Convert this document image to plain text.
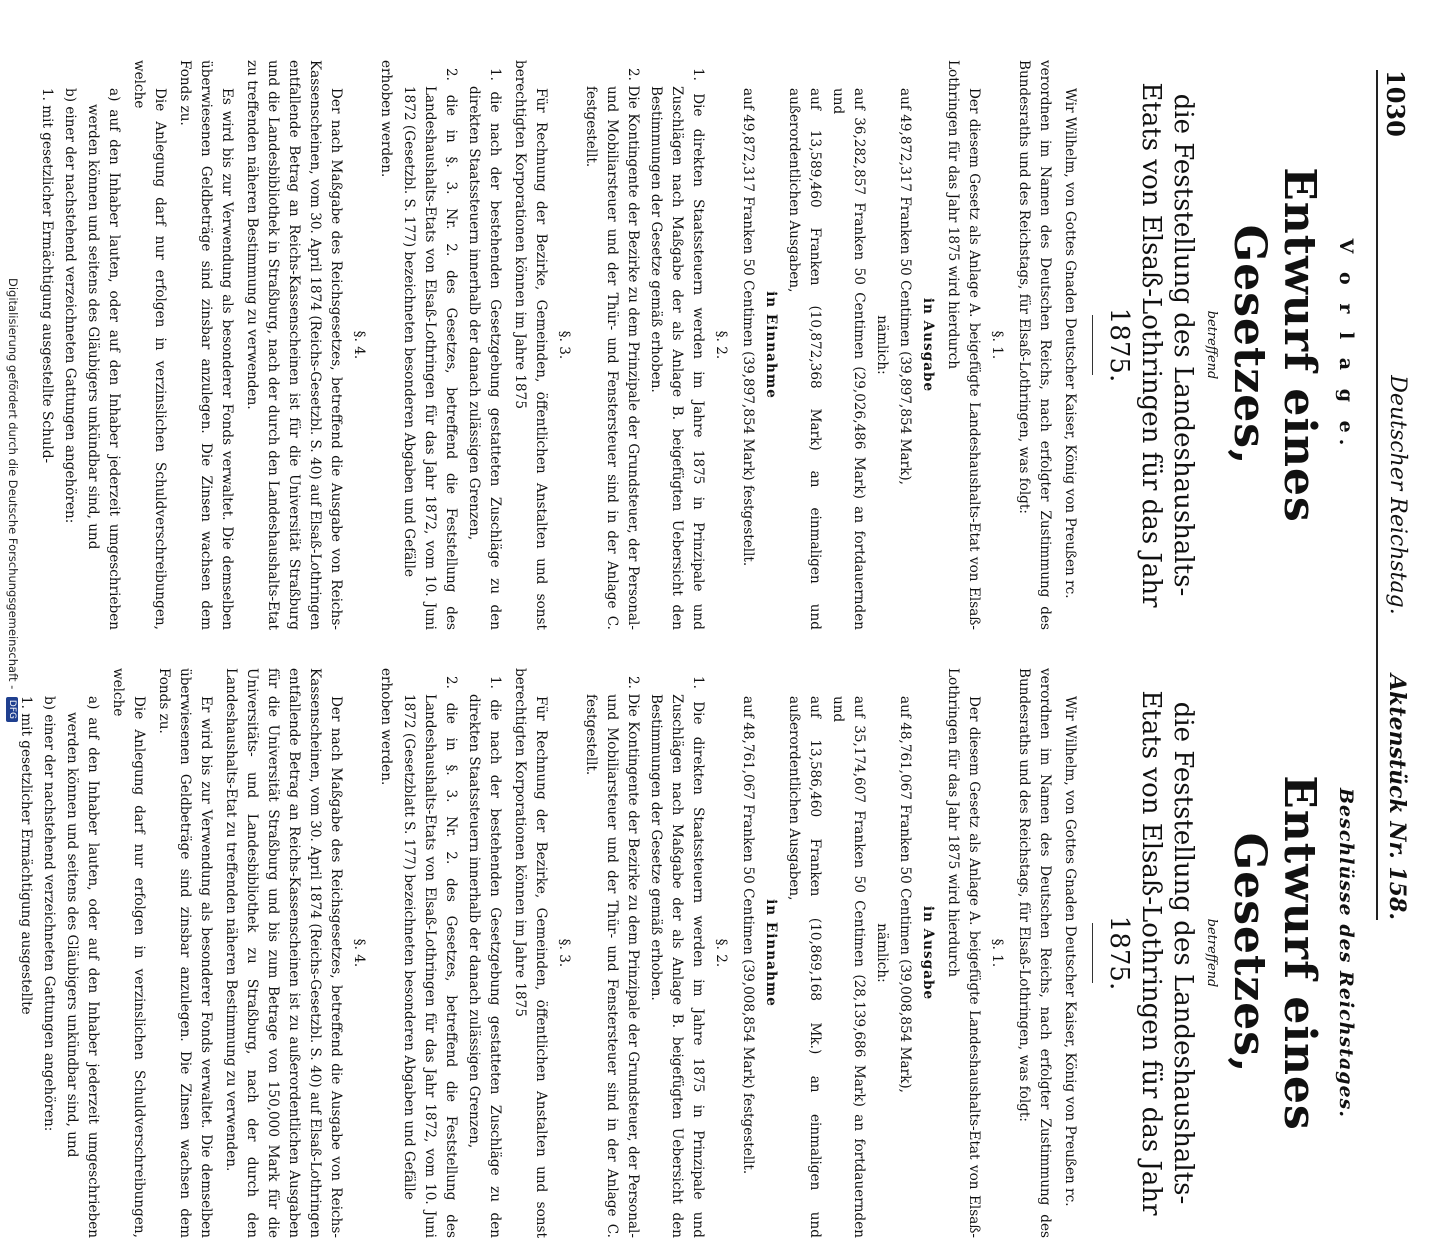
1030
Deutscher Reichstag.
Aktenstück Nr. 158.
V o r l a g e.
Entwurf eines Gesetzes,
betreffend
die Feststellung des Landeshaushalts-Etats von Elsaß-Lothringen für das Jahr 1875.

Wir Wilhelm, von Gottes Gnaden Deutscher Kaiser, König von Preußen rc.

verordnen im Namen des Deutschen Reichs, nach erfolgter Zustimmung des Bundesraths und des Reichstags, für Elsaß-Lothringen, was folgt:

§. 1.

Der diesem Gesetz als Anlage A. beigefügte Landeshaushalts-Etat von Elsaß-Lothringen für das Jahr 1875 wird hierdurch

in Ausgabe

auf 49,872,317 Franken 50 Centimen (39,897,854 Mark),

nämlich:

auf 36,282,857 Franken 50 Centimen (29,026,486 Mark) an fortdauernden und

auf 13,589,460 Franken (10,872,368 Mark) an einmaligen und außerordentlichen Ausgaben,

in Einnahme

auf 49,872,317 Franken 50 Centimen (39,897,854 Mark) festgestellt.

§. 2.

1. Die direkten Staatssteuern werden im Jahre 1875 in Prinzipale und Zuschlägen nach Maßgabe der als Anlage B. beigefügten Uebersicht den Bestimmungen der Gesetze gemäß erhoben.

2. Die Kontingente der Bezirke zu dem Prinzipale der Grundsteuer, der Personal- und Mobiliarsteuer und der Thür- und Fenstersteuer sind in der Anlage C. festgestellt.

§. 3.

Für Rechnung der Bezirke, Gemeinden, öffentlichen Anstalten und sonst berechtigten Korporationen können im Jahre 1875

1. die nach der bestehenden Gesetzgebung gestatteten Zuschläge zu den direkten Staatssteuern innerhalb der danach zulässigen Grenzen,

2. die in §. 3. Nr. 2. des Gesetzes, betreffend die Feststellung des Landeshaushalts-Etats von Elsaß-Lothringen für das Jahr 1872, vom 10. Juni 1872 (Gesetzbl. S. 177) bezeichneten besonderen Abgaben und Gefälle

erhoben werden.

§. 4.

Der nach Maßgabe des Reichsgesetzes, betreffend die Ausgabe von Reichs-Kassenscheinen, vom 30. April 1874 (Reichs-Gesetzbl. S. 40) auf Elsaß-Lothringen entfallende Betrag an Reichs-Kassenscheinen ist für die Universität Straßburg und die Landesbibliothek in Straßburg, nach der durch den Landeshaushalts-Etat zu treffenden näheren Bestimmung zu verwenden.

Es wird bis zur Verwendung als besonderer Fonds verwaltet. Die demselben überwiesenen Geldbeträge sind zinsbar anzulegen. Die Zinsen wachsen dem Fonds zu.

Die Anlegung darf nur erfolgen in verzinslichen Schuldverschreibungen, welche

a) auf den Inhaber lauten, oder auf den Inhaber jederzeit umgeschrieben werden können und seitens des Gläubigers unkündbar sind, und

b) einer der nachstehend verzeichneten Gattungen angehören:

1. mit gesetzlicher Ermächtigung ausgestellte Schuld-

Beschlüsse des Reichstages.
Entwurf eines Gesetzes,
betreffend
die Feststellung des Landeshaushalts-Etats von Elsaß-Lothringen für das Jahr 1875.

Wir Wilhelm, von Gottes Gnaden Deutscher Kaiser, König von Preußen rc.

verordnen im Namen des Deutschen Reichs, nach erfolgter Zustimmung des Bundesraths und des Reichstags, für Elsaß-Lothringen, was folgt:

§. 1.

Der diesem Gesetz als Anlage A. beigefügte Landeshaushalts-Etat von Elsaß-Lothringen für das Jahr 1875 wird hierdurch

in Ausgabe

auf 48,761,067 Franken 50 Centimen (39,008,854 Mark),

nämlich:

auf 35,174,607 Franken 50 Centimen (28,139,686 Mark) an fortdauernden und

auf 13,586,460 Franken (10,869,168 Mk.) an einmaligen und außerordentlichen Ausgaben,

in Einnahme

auf 48,761,067 Franken 50 Centimen (39,008,854 Mark) festgestellt.

§. 2.

1. Die direkten Staatssteuern werden im Jahre 1875 in Prinzipale und Zuschlägen nach Maßgabe der als Anlage B. beigefügten Uebersicht den Bestimmungen der Gesetze gemäß erhoben.

2. Die Kontingente der Bezirke zu dem Prinzipale der Grundsteuer, der Personal- und Mobiliarsteuer und der Thür- und Fenstersteuer sind in der Anlage C. festgestellt.

§. 3.

Für Rechnung der Bezirke, Gemeinden, öffentlichen Anstalten und sonst berechtigten Korporationen können im Jahre 1875

1. die nach der bestehenden Gesetzgebung gestatteten Zuschläge zu den direkten Staatssteuern innerhalb der danach zulässigen Grenzen,

2. die in §. 3. Nr. 2. des Gesetzes, betreffend die Feststellung des Landeshaushalts-Etats von Elsaß-Lothringen für das Jahr 1872, vom 10. Juni 1872 (Gesetzblatt S. 177) bezeichneten besonderen Abgaben und Gefälle

erhoben werden.

§. 4.

Der nach Maßgabe des Reichsgesetzes, betreffend die Ausgabe von Reichs-Kassenscheinen, vom 30. April 1874 (Reichs-Gesetzbl. S. 40) auf Elsaß-Lothringen entfallende Betrag an Reichs-Kassenscheinen ist zu außerordentlichen Ausgaben für die Universität Straßburg und bis zum Betrage von 150,000 Mark für die Universitäts- und Landesbibliothek zu Straßburg, nach der durch den Landeshaushalts-Etat zu treffenden näheren Bestimmung zu verwenden.

Er wird bis zur Verwendung als besonderer Fonds verwaltet. Die demselben überwiesenen Geldbeträge sind zinsbar anzulegen. Die Zinsen wachsen dem Fonds zu.

Die Anlegung darf nur erfolgen in verzinslichen Schuldverschreibungen, welche

a) auf den Inhaber lauten, oder auf den Inhaber jederzeit umgeschrieben werden können und seitens des Gläubigers unkündbar sind, und

b) einer der nachstehend verzeichneten Gattungen angehören:

1. mit gesetzlicher Ermächtigung ausgestellte

Digitalisierung gefördert durch die Deutsche Forschungsgemeinschaft - DFG
